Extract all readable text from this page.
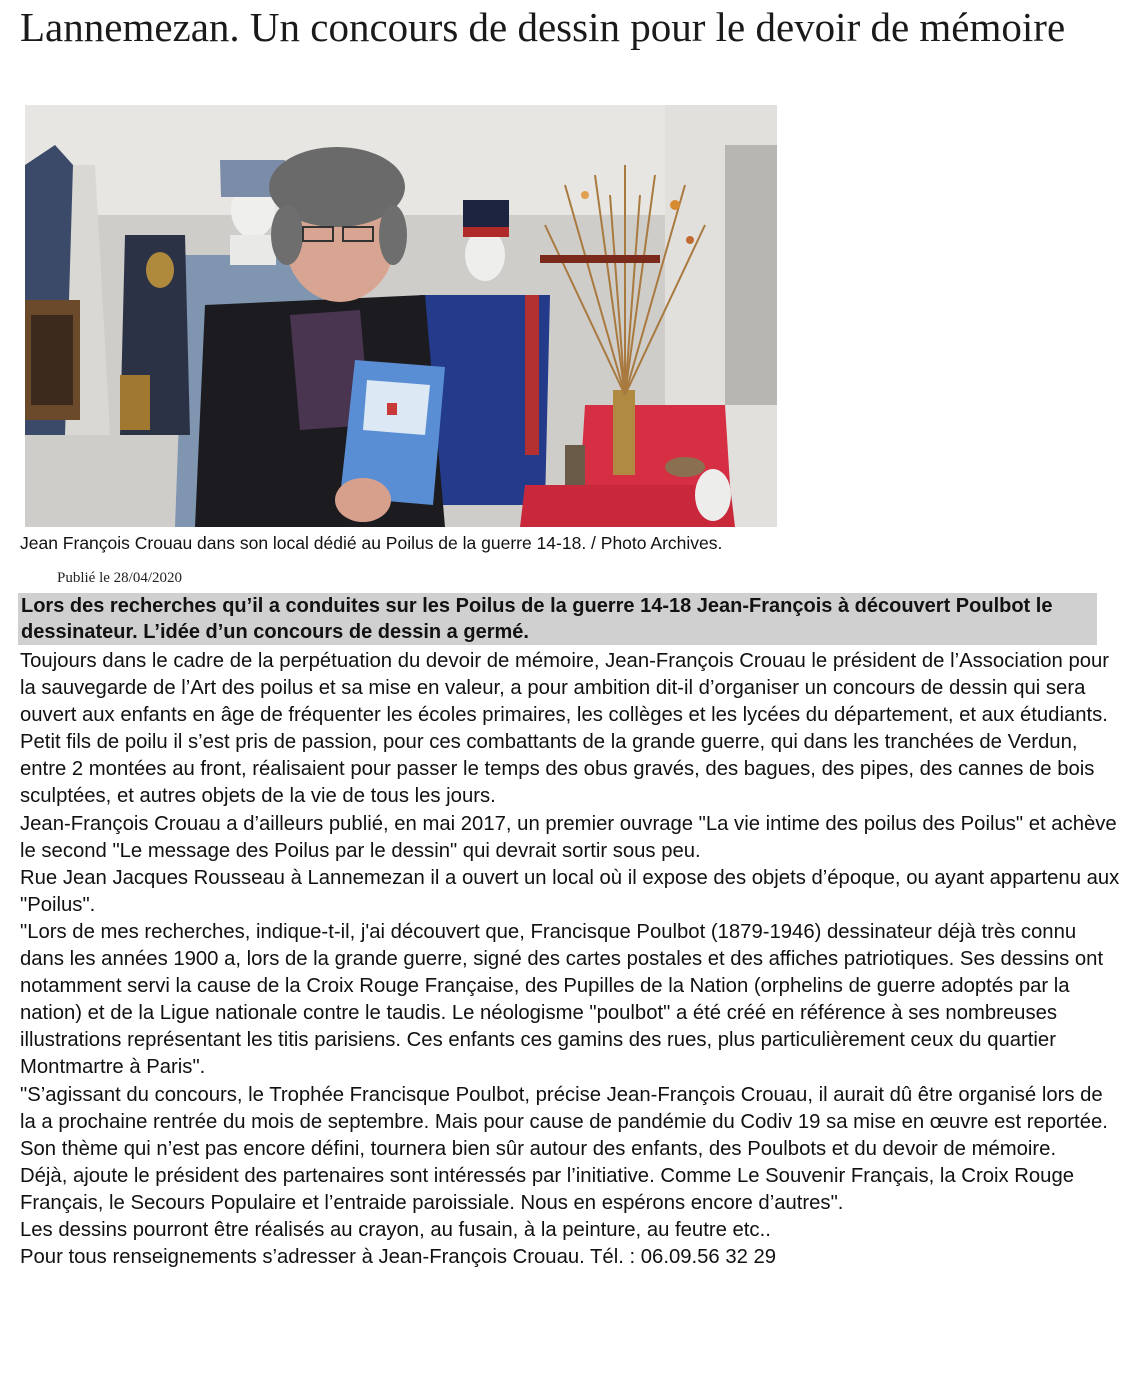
Lannemezan. Un concours de dessin pour le devoir de mémoire
Jean François Crouau dans son local dédié au Poilus de la guerre 14-18. / Photo Archives.
Publié le 28/04/2020
Lors des recherches qu’il a conduites sur les Poilus de la guerre 14-18 Jean-François à découvert Poulbot le dessinateur. L’idée d’un concours de dessin a germé.

Toujours dans le cadre de la perpétuation du devoir de mémoire, Jean-François Crouau le président de l’Association pour la sauvegarde de l’Art des poilus et sa mise en valeur, a pour ambition dit-il d’organiser un concours de dessin qui sera ouvert aux enfants en âge de fréquenter les écoles primaires, les collèges et les lycées du département, et aux étudiants.

Petit fils de poilu il s’est pris de passion, pour ces combattants de la grande guerre, qui dans les tranchées de Verdun, entre 2 montées au front, réalisaient pour passer le temps des obus gravés, des bagues, des pipes, des cannes de bois sculptées, et autres objets de la vie de tous les jours.

Jean-François Crouau a d’ailleurs publié, en mai 2017, un premier ouvrage "La vie intime des poilus des Poilus" et achève le second "Le message des Poilus par le dessin" qui devrait sortir sous peu.

Rue Jean Jacques Rousseau à Lannemezan il a ouvert un local où il expose des objets d’époque, ou ayant appartenu aux "Poilus".

"Lors de mes recherches, indique-t-il, j'ai découvert que, Francisque Poulbot (1879-1946) dessinateur déjà très connu dans les années 1900 a, lors de la grande guerre, signé des cartes postales et des affiches patriotiques. Ses dessins ont notamment servi la cause de la Croix Rouge Française, des Pupilles de la Nation (orphelins de guerre adoptés par la nation) et de la Ligue nationale contre le taudis. Le néologisme "poulbot" a été créé en référence à ses nombreuses illustrations représentant les titis parisiens. Ces enfants ces gamins des rues, plus particulièrement ceux du quartier Montmartre à Paris".

"S’agissant du concours, le Trophée Francisque Poulbot, précise Jean-François Crouau, il aurait dû être organisé lors de la a prochaine rentrée du mois de septembre. Mais pour cause de pandémie du Codiv 19 sa mise en œuvre est reportée. Son thème qui n’est pas encore défini, tournera bien sûr autour des enfants, des Poulbots et du devoir de mémoire.

Déjà, ajoute le président des partenaires sont intéressés par l’initiative. Comme Le Souvenir Français, la Croix Rouge Français, le Secours Populaire et l’entraide paroissiale. Nous en espérons encore d’autres".

Les dessins pourront être réalisés au crayon, au fusain, à la peinture, au feutre etc..

Pour tous renseignements s’adresser à Jean-François Crouau. Tél. : 06.09.56 32 29
